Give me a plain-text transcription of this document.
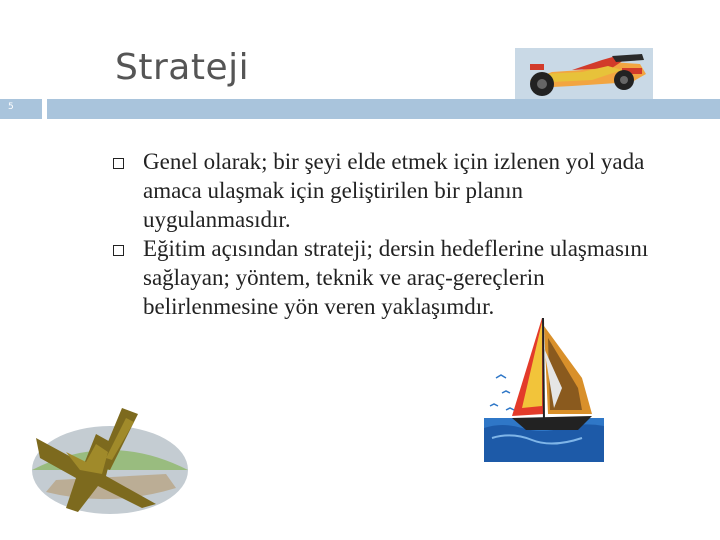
Strateji
5
Genel olarak; bir şeyi elde etmek için izlenen yol yada amaca ulaşmak için geliştirilen bir planın uygulanmasıdır.
Eğitim açısından strateji; dersin hedeflerine ulaşmasını sağlayan; yöntem, teknik ve araç-gereçlerin belirlenmesine yön veren yaklaşımdır.
